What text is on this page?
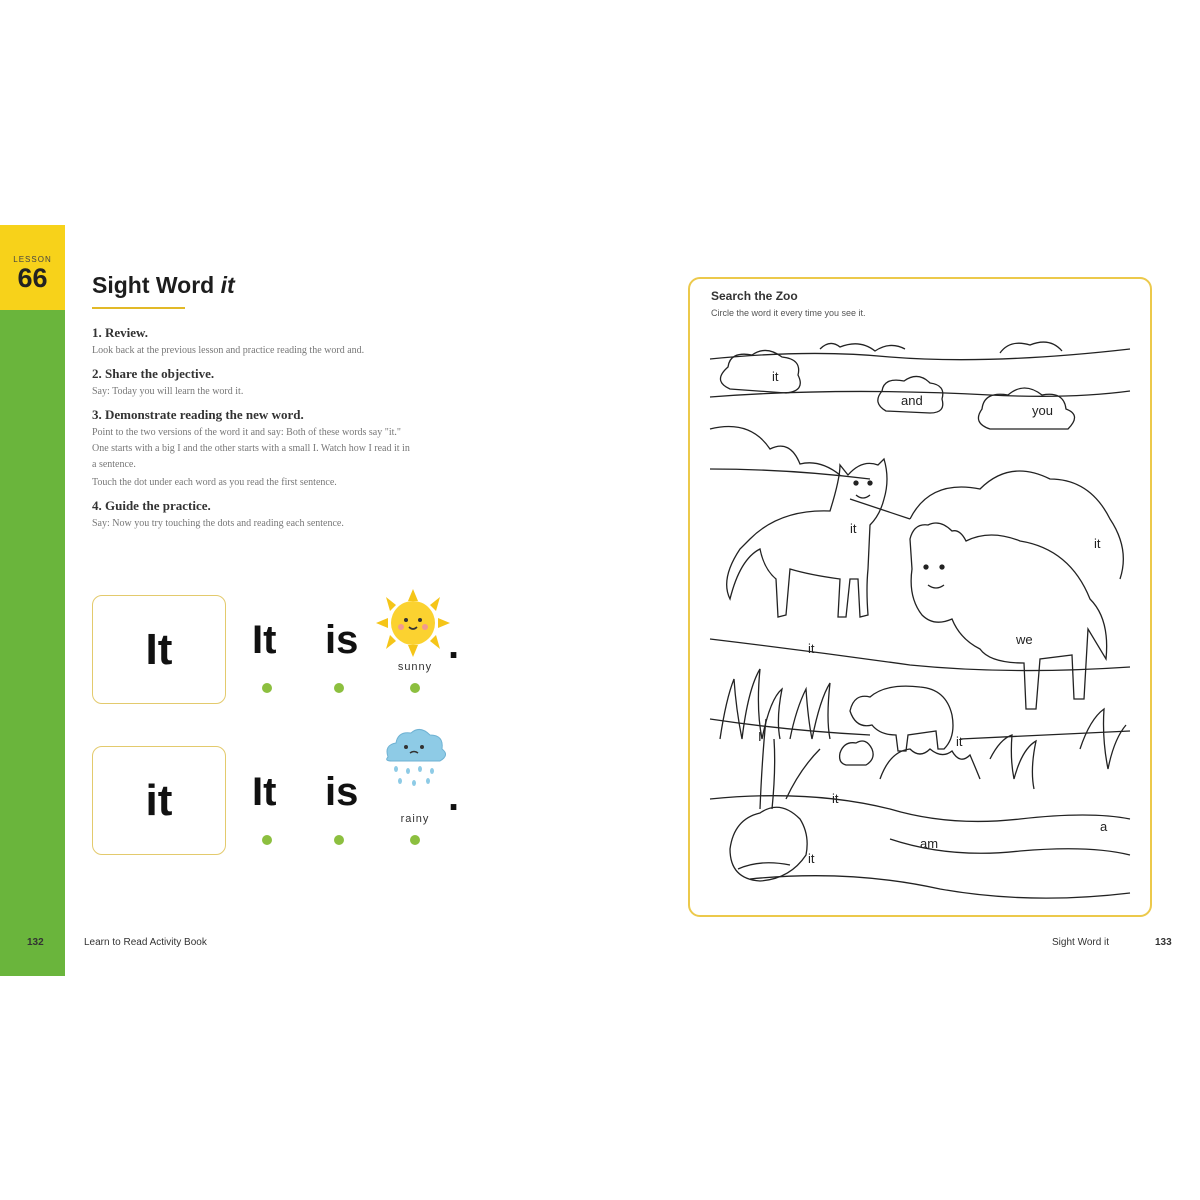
LESSON
66	Sight Word it
1. Review.

Look back at the previous lesson and practice reading the word and.

2. Share the objective.

Say: Today you will learn the word it.

3. Demonstrate reading the new word.

Point to the two versions of the word it and say: Both of these words say "it." One starts with a big I and the other starts with a small I. Watch how I read it in a sentence.

Touch the dot under each word as you read the first sentence.

4. Guide the practice.

Say: Now you try touching the dots and reading each sentence.

It	It is
sunny .
it	It is
rainy .
132	Learn to Read Activity Book	Sight Word it	133
Search the Zoo
Circle the word it every time you see it.
it
and
you
it
it
it
we
I	it
it
a
am
it
